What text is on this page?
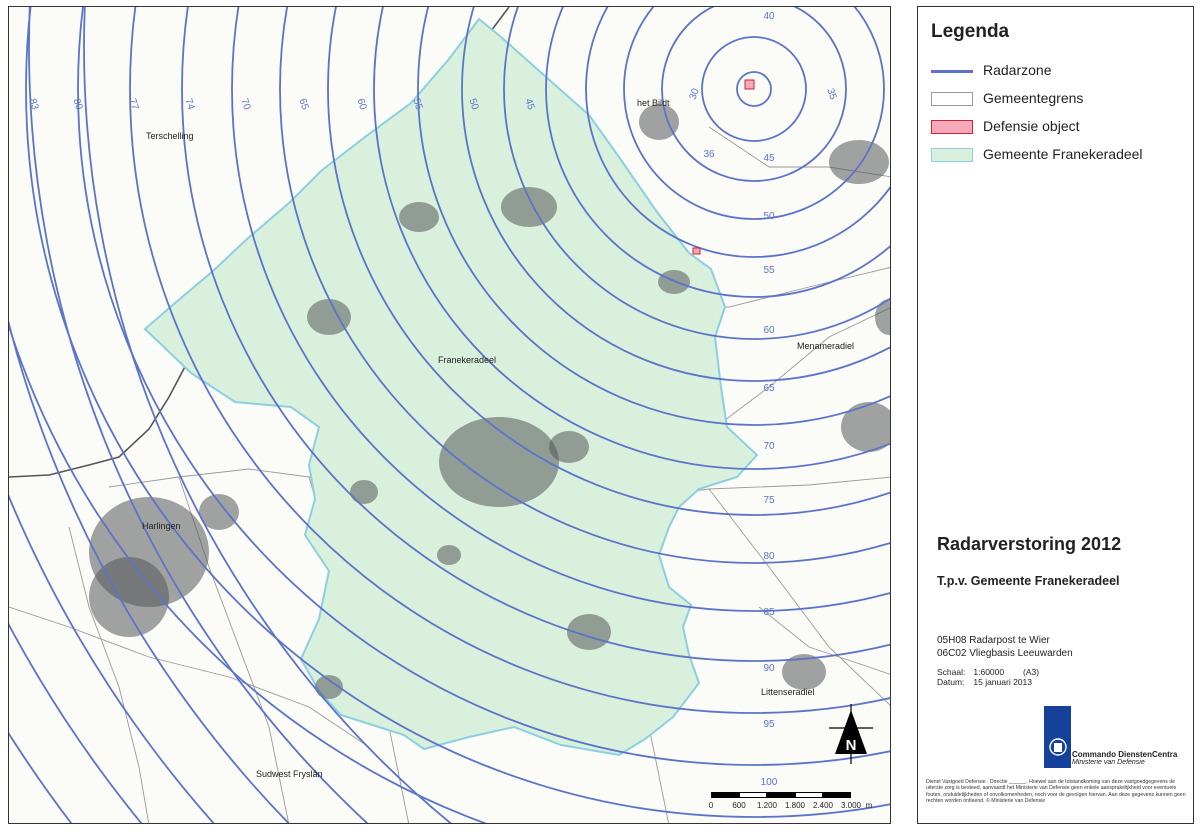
83	80	77	74	70	65	60	55	50	45
40
45
50
55
60
65
70
75
80
85
90
95
100
30	35
36
Terschelling
het Bildt
Menameradiel
Franekeradeel
Harlingen
Littenseradiel
Sudwest Fryslân
N
0 600 1.200 1.800 2.400 3.000 m
Legenda
Radarzone
Gemeentegrens
Defensie object
Gemeente Franekeradeel
Radarverstoring 2012
T.p.v. Gemeente Franekeradeel
05H08 Radarpost te Wier
06C02 Vliegbasis Leeuwarden
Schaal: 1:60000 (A3)
Datum: 15 januari 2013
Commando DienstenCentra
Ministerie van Defensie
Dienst Vastgoed Defensie : Directie ______. Hoewel aan de totstandkoming van deze vastgoedgegevens de uiterste zorg is besteed, aanvaardt het Ministerie van Defensie geen enkele aansprakelijkheid voor eventuele fouten, onduidelijkheden of onvolkomenheden, noch voor de gevolgen hiervan. Aan deze gegevens kunnen geen rechten worden ontleend. © Ministerie van Defensie
